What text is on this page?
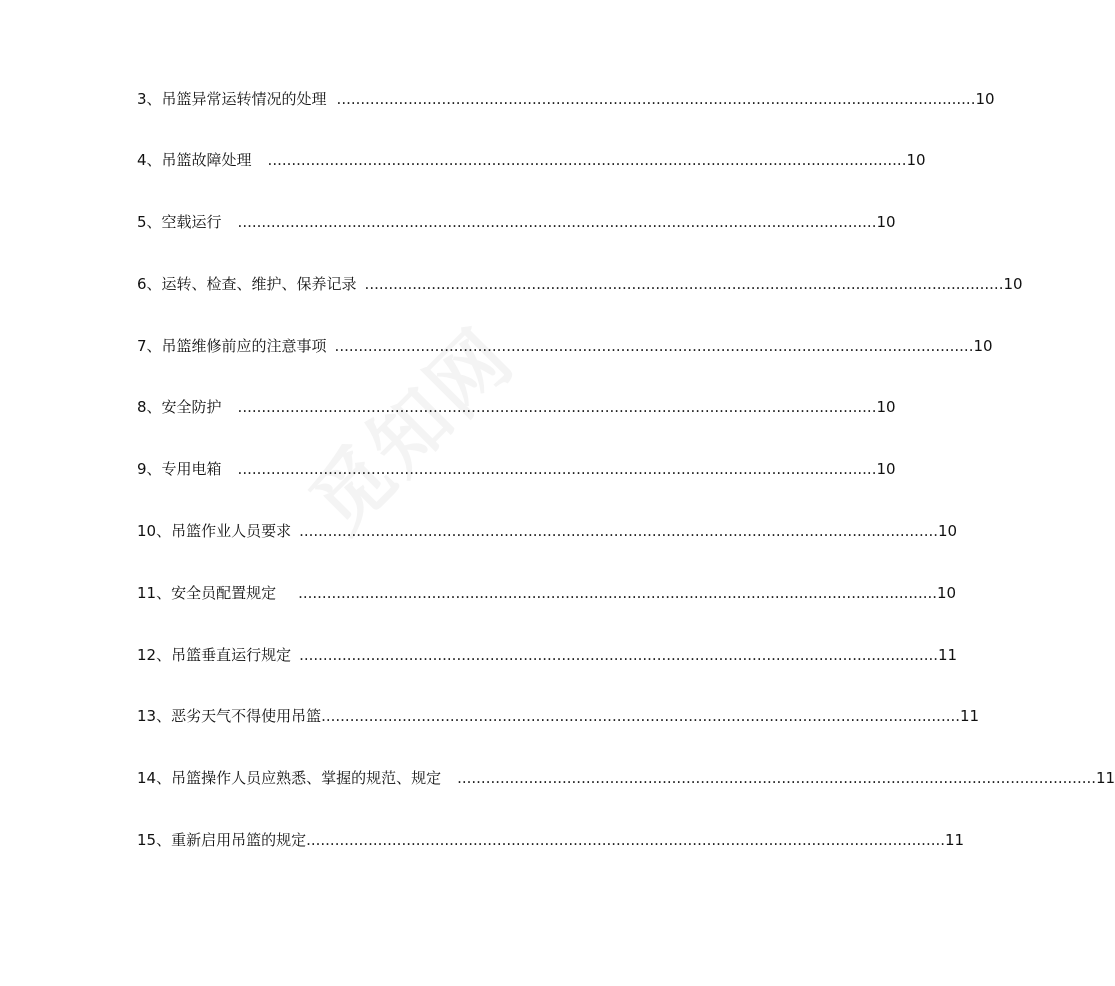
3、吊篮异常运转情况的处理 ...................................................................................................................................... 10
4、吊篮故障处理 ...................................................................................................................................... 10
5、空载运行 ...................................................................................................................................... 10
6、运转、检查、维护、保养记录 ...................................................................................................................................... 10
7、吊篮维修前应的注意事项 ...................................................................................................................................... 10
8、安全防护 ...................................................................................................................................... 10
9、专用电箱 ...................................................................................................................................... 10
10、吊篮作业人员要求 ...................................................................................................................................... 10
11、安全员配置规定 ...................................................................................................................................... 10
12、吊篮垂直运行规定 ...................................................................................................................................... 11
13、恶劣天气不得使用吊篮 ...................................................................................................................................... 11
14、吊篮操作人员应熟悉、掌握的规范、规定 ...................................................................................................................................... 11
15、重新启用吊篮的规定 ...................................................................................................................................... 11
